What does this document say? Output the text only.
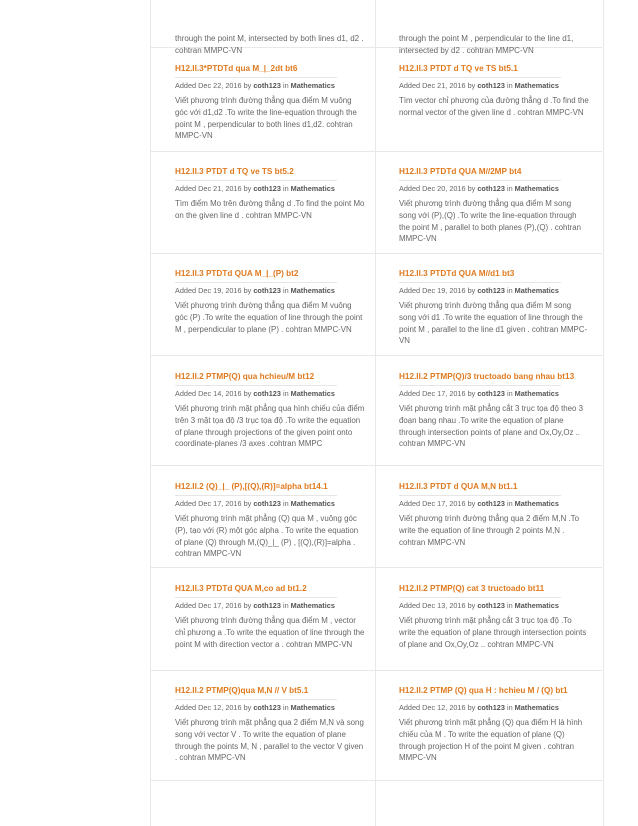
through the point M, intersected by both lines d1, d2 . cohtran MMPC-VN
through the point M , perpendicular to the line d1, intersected by d2 . cohtran MMPC-VN
H12.II.3*PTDTd qua M_|_2dt bt6
Added Dec 22, 2016 by coth123 in Mathematics

Viết phương trình đường thẳng qua điểm M vuông góc với d1,d2 .To write the line-equation through the point M , perpendicular to both lines d1,d2. cohtran MMPC-VN

H12.II.3 PTDT d TQ ve TS bt5.1
Added Dec 21, 2016 by coth123 in Mathematics

Tìm vector chỉ phương của đường thẳng d .To find the normal vector of the given line d . cohtran MMPC-VN

H12.II.3 PTDT d TQ ve TS bt5.2
Added Dec 21, 2016 by coth123 in Mathematics

Tìm điểm Mo trên đường thẳng d .To find the point Mo on the given line d . cohtran MMPC-VN

H12.II.3 PTDTd QUA M//2MP bt4
Added Dec 20, 2016 by coth123 in Mathematics

Viết phương trình đường thẳng qua điểm M song song với (P),(Q) .To write the line-equation through the point M , parallel to both planes (P),(Q) . cohtran MMPC-VN

H12.II.3 PTDTd QUA M_|_(P) bt2
Added Dec 19, 2016 by coth123 in Mathematics

Viết phương trình đường thẳng qua điểm M vuông góc (P) .To write the equation of line through the point M , perpendicular to plane (P) . cohtran MMPC-VN

H12.II.3 PTDTd QUA M//d1 bt3
Added Dec 19, 2016 by coth123 in Mathematics

Viết phương trình đường thẳng qua điểm M song song với d1 .To write the equation of line through the point M , parallel to the line d1 given . cohtran MMPC-VN

H12.II.2 PTMP(Q) qua hchieu/M bt12
Added Dec 14, 2016 by coth123 in Mathematics

Viết phương trình mặt phẳng qua hình chiếu của điểm trên 3 mặt tọa độ /3 trục tọa độ .To write the equation of plane through projections of the given point onto coordinate-planes /3 axes .cohtran MMPC

H12.II.2 PTMP(Q)/3 tructoado bang nhau bt13
Added Dec 17, 2016 by coth123 in Mathematics

Viết phương trình mặt phẳng cắt 3 trục tọa độ theo 3 đoạn bang nhau .To write the equation of plane through intersection points of plane and Ox,Oy,Oz .. cohtran MMPC-VN

H12.II.2 (Q)_|_ (P),[(Q),(R)]=alpha bt14.1
Added Dec 17, 2016 by coth123 in Mathematics

Viết phương trình mặt phẳng (Q) qua M , vuông góc (P), tạo với (R) một góc alpha . To write the equation of plane (Q) through M,(Q)_|_ (P) , [(Q),(R)]=alpha . cohtran MMPC-VN

H12.II.3 PTDT d QUA M,N bt1.1
Added Dec 17, 2016 by coth123 in Mathematics

Viết phương trình đường thẳng qua 2 điểm M,N .To write the equation of line through 2 points M,N . cohtran MMPC-VN

H12.II.3 PTDTd QUA M,co ad bt1.2
Added Dec 17, 2016 by coth123 in Mathematics

Viết phương trình đường thẳng qua điểm M , vector chỉ phương a .To write the equation of line through the point M with direction vector a . cohtran MMPC-VN

H12.II.2 PTMP(Q) cat 3 tructoado bt11
Added Dec 13, 2016 by coth123 in Mathematics

Viết phương trình mặt phẳng cắt 3 trục tọa độ .To write the equation of plane through intersection points of plane and Ox,Oy,Oz .. cohtran MMPC-VN

H12.II.2 PTMP(Q)qua M,N // V bt5.1
Added Dec 12, 2016 by coth123 in Mathematics

Viết phương trình mặt phẳng qua 2 điểm M,N và song song với vector V . To write the equation of plane through the points M, N , parallel to the vector V given . cohtran MMPC-VN

H12.II.2 PTMP (Q) qua H : hchieu M / (Q) bt1
Added Dec 12, 2016 by coth123 in Mathematics

Viết phương trình mặt phẳng (Q) qua điểm H là hình chiếu của M . To write the equation of plane (Q) through projection H of the point M given . cohtran MMPC-VN
